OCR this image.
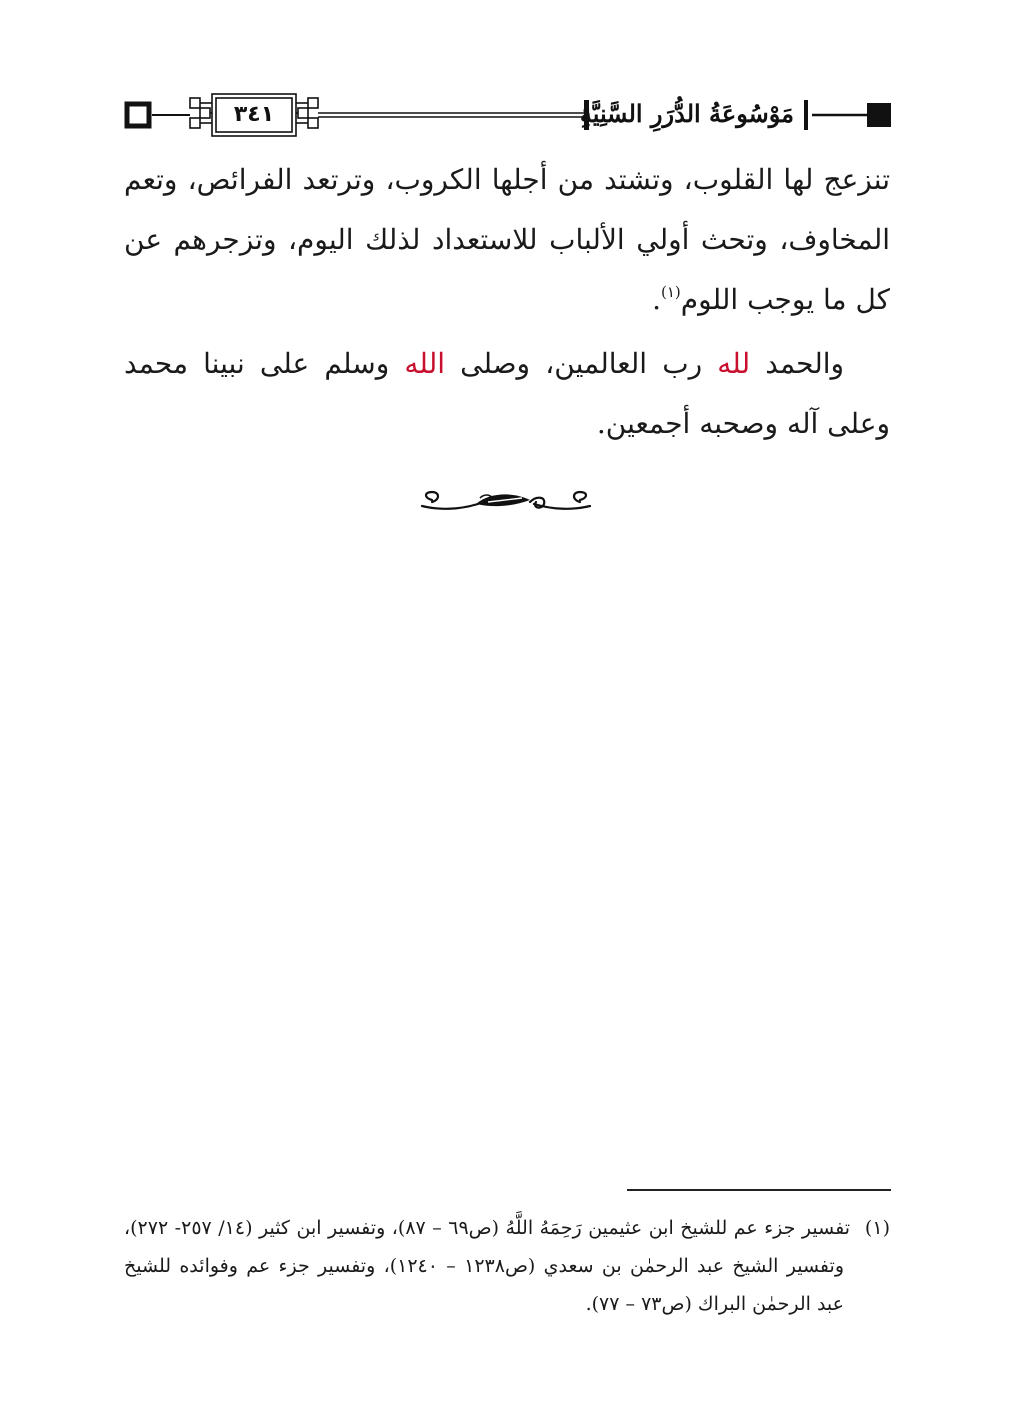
٣٤١	مَوْسُوعَةُ الدُّرَرِ السَّنِيَّةِ

تنزعج لها القلوب، وتشتد من أجلها الكروب، وترتعد الفرائص، وتعم المخاوف، وتحث أولي الألباب للاستعداد لذلك اليوم، وتزجرهم عن كل ما يوجب اللوم$^{(١)}$.

والحمد لله رب العالمين، وصلى الله وسلم على نبينا محمد وعلى آله وصحبه أجمعين.

(١)تفسير جزء عم للشيخ ابن عثيمين رَحِمَهُ اللَّهُ (ص٦٩ – ٨٧)، وتفسير ابن كثير (١٤/ ٢٥٧- ٢٧٢)، وتفسير الشيخ عبد الرحمٰن بن سعدي (ص١٢٣٨ – ١٢٤٠)، وتفسير جزء عم وفوائده للشيخ عبد الرحمٰن البراك (ص٧٣ – ٧٧).
